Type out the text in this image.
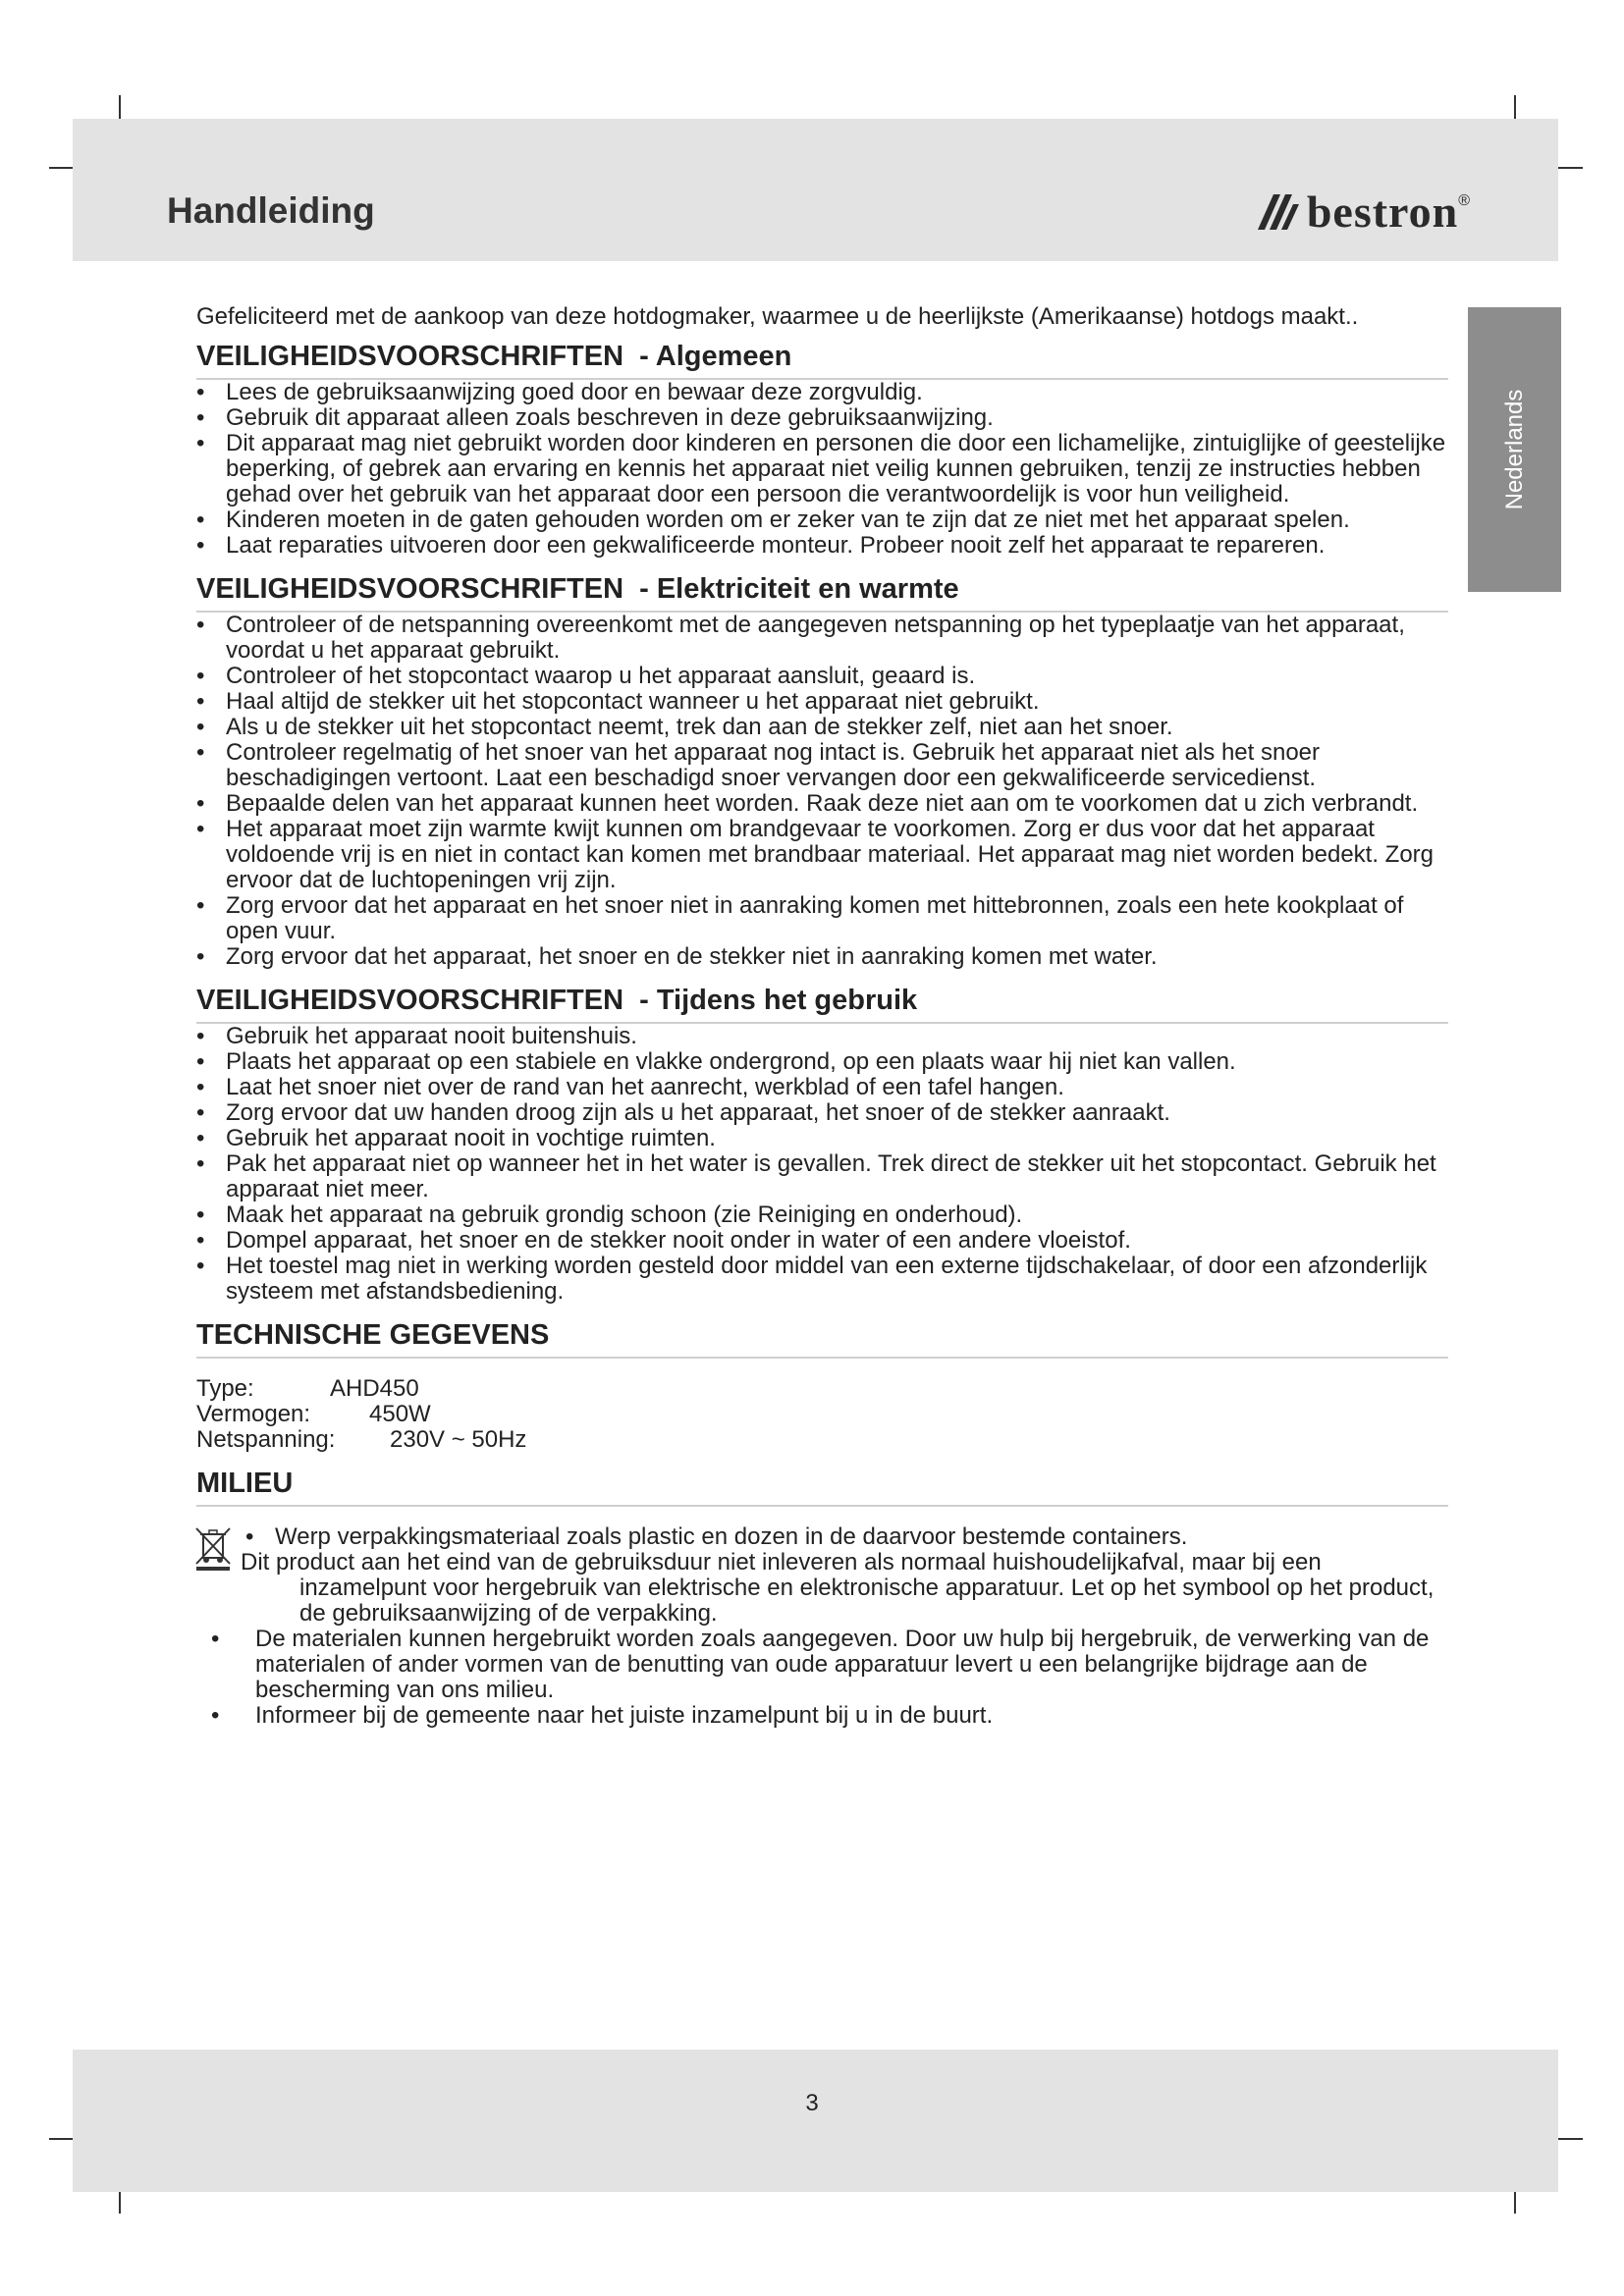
Handleiding	bestron ®
Nederlands

Gefeliciteerd met de aankoop van deze hotdogmaker, waarmee u de heerlijkste (Amerikaanse) hotdogs maakt..

VEILIGHEIDSVOORSCHRIFTEN - Algemeen
• Lees de gebruiksaanwijzing goed door en bewaar deze zorgvuldig.
• Gebruik dit apparaat alleen zoals beschreven in deze gebruiksaanwijzing.
• Dit apparaat mag niet gebruikt worden door kinderen en personen die door een lichamelijke, zintuiglijke of geestelijke beperking, of gebrek aan ervaring en kennis het apparaat niet veilig kunnen gebruiken, tenzij ze instructies hebben gehad over het gebruik van het apparaat door een persoon die verantwoordelijk is voor hun veiligheid.
• Kinderen moeten in de gaten gehouden worden om er zeker van te zijn dat ze niet met het apparaat spelen.
• Laat reparaties uitvoeren door een gekwalificeerde monteur. Probeer nooit zelf het apparaat te repareren.
VEILIGHEIDSVOORSCHRIFTEN - Elektriciteit en warmte
• Controleer of de netspanning overeenkomt met de aangegeven netspanning op het typeplaatje van het apparaat, voordat u het apparaat gebruikt.
• Controleer of het stopcontact waarop u het apparaat aansluit, geaard is.
• Haal altijd de stekker uit het stopcontact wanneer u het apparaat niet gebruikt.
• Als u de stekker uit het stopcontact neemt, trek dan aan de stekker zelf, niet aan het snoer.
• Controleer regelmatig of het snoer van het apparaat nog intact is. Gebruik het apparaat niet als het snoer beschadigingen vertoont. Laat een beschadigd snoer vervangen door een gekwalificeerde servicedienst.
• Bepaalde delen van het apparaat kunnen heet worden. Raak deze niet aan om te voorkomen dat u zich verbrandt.
• Het apparaat moet zijn warmte kwijt kunnen om brandgevaar te voorkomen. Zorg er dus voor dat het apparaat voldoende vrij is en niet in contact kan komen met brandbaar materiaal. Het apparaat mag niet worden bedekt. Zorg ervoor dat de luchtopeningen vrij zijn.
• Zorg ervoor dat het apparaat en het snoer niet in aanraking komen met hittebronnen, zoals een hete kookplaat of open vuur.
• Zorg ervoor dat het apparaat, het snoer en de stekker niet in aanraking komen met water.
VEILIGHEIDSVOORSCHRIFTEN - Tijdens het gebruik
• Gebruik het apparaat nooit buitenshuis.
• Plaats het apparaat op een stabiele en vlakke ondergrond, op een plaats waar hij niet kan vallen.
• Laat het snoer niet over de rand van het aanrecht, werkblad of een tafel hangen.
• Zorg ervoor dat uw handen droog zijn als u het apparaat, het snoer of de stekker aanraakt.
• Gebruik het apparaat nooit in vochtige ruimten.
• Pak het apparaat niet op wanneer het in het water is gevallen. Trek direct de stekker uit het stopcontact. Gebruik het apparaat niet meer.
• Maak het apparaat na gebruik grondig schoon (zie Reiniging en onderhoud).
• Dompel apparaat, het snoer en de stekker nooit onder in water of een andere vloeistof.
• Het toestel mag niet in werking worden gesteld door middel van een externe tijdschakelaar, of door een afzonderlijk systeem met afstandsbediening.
TECHNISCHE GEGEVENS
Type:	AHD450
Vermogen:	450W
Netspanning:	230V ~ 50Hz
MILIEU
• Werp verpakkingsmateriaal zoals plastic en dozen in de daarvoor bestemde containers.

Dit product aan het eind van de gebruiksduur niet inleveren als normaal huishoudelijkafval, maar bij een inzamelpunt voor hergebruik van elektrische en elektronische apparatuur. Let op het symbool op het product, de gebruiksaanwijzing of de verpakking.

• De materialen kunnen hergebruikt worden zoals aangegeven. Door uw hulp bij hergebruik, de verwerking van de materialen of ander vormen van de benutting van oude apparatuur levert u een belangrijke bijdrage aan de bescherming van ons milieu.
• Informeer bij de gemeente naar het juiste inzamelpunt bij u in de buurt.
3
